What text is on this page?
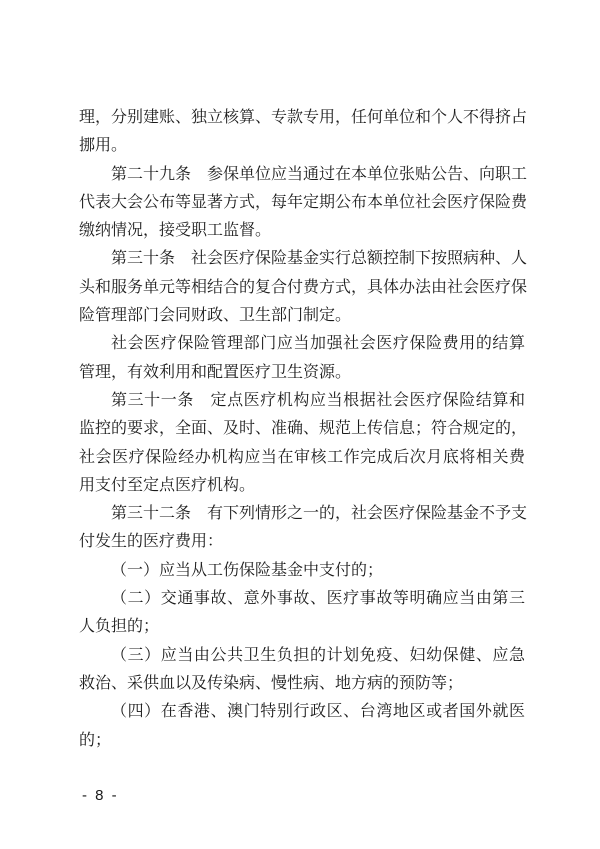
理，分别建账、独立核算、专款专用，任何单位和个人不得挤占
挪用。
第二十九条　参保单位应当通过在本单位张贴公告、向职工
代表大会公布等显著方式，每年定期公布本单位社会医疗保险费
缴纳情况，接受职工监督。
第三十条　社会医疗保险基金实行总额控制下按照病种、人
头和服务单元等相结合的复合付费方式，具体办法由社会医疗保
险管理部门会同财政、卫生部门制定。
社会医疗保险管理部门应当加强社会医疗保险费用的结算
管理，有效利用和配置医疗卫生资源。
第三十一条　定点医疗机构应当根据社会医疗保险结算和
监控的要求，全面、及时、准确、规范上传信息；符合规定的，
社会医疗保险经办机构应当在审核工作完成后次月底将相关费
用支付至定点医疗机构。
第三十二条　有下列情形之一的，社会医疗保险基金不予支
付发生的医疗费用：
（一）应当从工伤保险基金中支付的；
（二）交通事故、意外事故、医疗事故等明确应当由第三
人负担的；
（三）应当由公共卫生负担的计划免疫、妇幼保健、应急
救治、采供血以及传染病、慢性病、地方病的预防等；
（四）在香港、澳门特别行政区、台湾地区或者国外就医
的；
- 8 -
